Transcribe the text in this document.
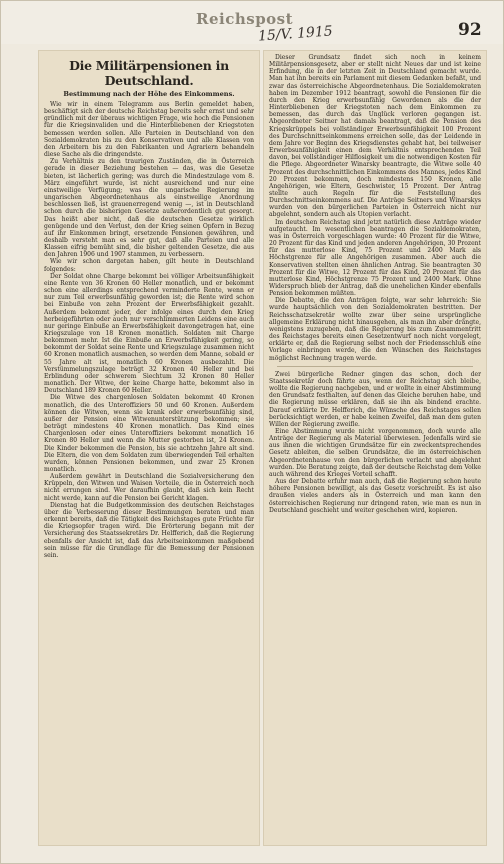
Reichspost
15/V. 1915	92
Die Militärpensionen in Deutschland.
Bestimmung nach der Höhe des Einkommens.

Wie wir in einem Telegramm aus Berlin gemeldet haben, beschäftigt sich der deutsche Reichstag bereits sehr ernst und sehr gründlich mit der überaus wichtigen Frage, wie hoch die Pensionen für die Kriegsinvaliden und die Hinterbliebenen der Kriegstoten bemessen werden sollen. Alle Parteien in Deutschland von den Sozialdemokraten bis zu den Konservativen und alle Klassen von den Arbeitern bis zu den Fabrikanten und Agrariern behandeln diese Sache als die dringendste.

Zu Verhältnis zu den traurigen Zuständen, die in Österreich gerade in dieser Beziehung bestehen — das, was die Gesetze bieten, ist lächerlich gering; was durch die Mindestzulage vom 8. März eingeführt wurde, ist nicht ausreichend und nur eine einstweilige Verfügung; was die ungarische Regierung im ungarischen Abgeordnetenhaus als einstweilige Anordnung beschlossen ließ, ist grauenerregend wenig —, ist in Deutschland schon durch die bisherigen Gesetze außerordentlich gut gesorgt. Das heißt aber nicht, daß die deutschen Gesetze wirklich genügende und den Verlust, den der Krieg seinen Opfern in Bezug auf ihr Einkommen bringt, ersetzende Pensionen gewähren, und deshalb versteht man es sehr gut, daß alle Parteien und alle Klassen eifrig bemüht sind, die bisher geltenden Gesetze, die aus den Jahren 1906 und 1907 stammen, zu verbessern.

Wie wir schon dargetan haben, gilt heute in Deutschland folgendes:

Der Soldat ohne Charge bekommt bei völliger Arbeitsunfähigkeit eine Rente von 36 Kronen 60 Heller monatlich, und er bekommt schon eine allerdings entsprechend verminderte Rente, wenn er nur zum Teil erwerbsunfähig geworden ist; die Rente wird schon bei Einbuße von zehn Prozent der Erwerbsfähigkeit gezahlt. Außerdem bekommt jeder, der infolge eines durch den Krieg herbeigeführten oder auch nur verschlimmerten Leidens eine auch nur geringe Einbuße an Erwerbsfähigkeit davongetragen hat, eine Kriegszulage von 18 Kronen monatlich. Soldaten mit Charge bekommen mehr. Ist die Einbuße an Erwerbsfähigkeit gering, so bekommt der Soldat seine Rente und Kriegszulage zusammen nicht 60 Kronen monatlich ausmachen, so werden dem Manne, sobald er 55 Jahre alt ist, monatlich 60 Kronen ausbezahlt. Die Verstümmelungszulage beträgt 32 Kronen 40 Heller und bei Erblindung oder schwerem Siechtum 32 Kronen 80 Heller monatlich. Der Witwe, der keine Charge hatte, bekommt also in Deutschland 189 Kronen 60 Heller.

Die Witwe des chargenlosen Soldaten bekommt 40 Kronen monatlich, die des Unteroffiziers 50 und 60 Kronen. Außerdem können die Witwen, wenn sie krank oder erwerbsunfähig sind, außer der Pension eine Witwenunterstützung bekommen; sie beträgt mindestens 40 Kronen monatlich. Das Kind eines Chargenlosen oder eines Unteroffiziers bekommt monatlich 16 Kronen 80 Heller und wenn die Mutter gestorben ist, 24 Kronen. Die Kinder bekommen die Pension, bis sie achtzehn Jahre alt sind. Die Eltern, die von dem Soldaten zum überwiegenden Teil erhalten wurden, können Pensionen bekommen, und zwar 25 Kronen monatlich.

Außerdem gewährt in Deutschland die Sozialversicherung den Krüppeln, den Witwen und Waisen Vorteile, die in Österreich noch nicht errungen sind. Wer daraufhin glaubt, daß sich kein Recht nicht werde, kann auf die Pension bei Gericht klagen.

Dienstag hat die Budgetkommission des deutschen Reichstages über die Verbesserung dieser Bestimmungen beraten und man erkennt bereits, daß die Tätigkeit des Reichstages gute Früchte für die Kriegsopfer tragen wird. Die Erörterung begann mit der Versicherung des Staatssekretärs Dr. Helfferich, daß die Regierung ebenfalls der Ansicht ist, daß das Arbeitseinkommen maßgebend sein müsse für die Grundlage für die Bemessung der Pensionen sein.

Dieser Grundsatz findet sich noch in keinem Militärpensionsgesetz, aber er stellt nicht Neues dar und ist keine Erfindung, die in der letzten Zeit in Deutschland gemacht wurde. Man hat ihn bereits ein Parlament mit diesem Gedanken befaßt, und zwar das österreichische Abgeordnetenhaus. Die Sozialdemokraten haben im Dezember 1912 beantragt, sowohl die Pensionen für die durch den Krieg erwerbsunfähig Gewordenen als die der Hinterbliebenen der Kriegstoten nach dem Einkommen zu bemessen, das durch das Unglück verloren gegangen ist. Abgeordneter Seitner hat damals beantragt, daß die Pension des Kriegskrüppels bei vollständiger Erwerbsunfähigkeit 100 Prozent des Durchschnittseinkommens erreichen solle, das der Leidende in dem Jahre vor Beginn des Kriegsdienstes gehabt hat, bei teilweiser Erwerbsunfähigkeit einen dem Verhältnis entsprechenden Teil davon, bei vollständiger Hilflosigkeit um die notwendigen Kosten für die Pflege. Abgeordneter Winarsky beantragte, die Witwe solle 40 Prozent des durchschnittlichen Einkommens des Mannes, jedes Kind 20 Prozent bekommen, doch mindestens 150 Kronen, alle Angehörigen, wie Eltern, Geschwister, 15 Prozent. Der Antrag stellte auch Regeln für die Feststellung des Durchschnittseinkommens auf. Die Anträge Seitners und Winarskys wurden von den bürgerlichen Parteien in Österreich nicht nur abgelehnt, sondern auch als Utopien verlacht.

Im deutschen Reichstag sind jetzt natürlich diese Anträge wieder aufgetaucht. Im wesentlichen beantragen die Sozialdemokraten, was in Österreich vorgeschlagen wurde: 40 Prozent für die Witwe, 20 Prozent für das Kind und jeden anderen Angehörigen, 30 Prozent für das mutterlose Kind, 75 Prozent und 2400 Mark als Höchstgrenze für alle Angehörigen zusammen. Aber auch die Konservativen stellten einen ähnlichen Antrag. Sie beantragten 30 Prozent für die Witwe, 12 Prozent für das Kind, 20 Prozent für das mutterlose Kind, Höchstgrenze 75 Prozent und 2400 Mark. Ohne Widerspruch blieb der Antrag, daß die unehelichen Kinder ebenfalls Pension bekommen müßten.

Die Debatte, die den Anträgen folgte, war sehr lehrreich: Sie wurde hauptsächlich von den Sozialdemokraten bestritten. Der Reichsschatzsekretär wollte zwar über seine ursprüngliche allgemeine Erklärung nicht hinausgehen, als man ihn aber drängte, wenigstens zuzugeben, daß die Regierung bis zum Zusammentritt des Reichstages bereits einen Gesetzentwurf noch nicht vorgelegt, erklärte er, daß die Regierung selbst noch der Friedensschluß eine Vorlage einbringen werde, die den Wünschen des Reichstages möglichst Rechnung tragen werde.

Zwei bürgerliche Redner gingen das schon, doch der Staatssekretär doch fährte aus, wenn der Reichstag sich bleibe, wollte die Regierung nachgeben, und er wollte in einer Abstimmung den Grundsatz festhalten, auf denen das Gleiche beruhen habe, und die Regierung müsse erklären, daß sie ihn als bindend erachte. Darauf erklärte Dr. Helfferich, die Wünsche des Reichstages sollen berücksichtigt werden, er habe keinen Zweifel, daß man dem guten Willen der Regierung zweifle.

Eine Abstimmung wurde nicht vorgenommen, doch wurde alle Anträge der Regierung als Material überwiesen. Jedenfalls wird sie aus ihnen die wichtigen Grundsätze für ein zweckentsprechendes Gesetz ableiten, die selben Grundsätze, die im österreichischen Abgeordnetenhause von den bürgerlichen verlacht und abgelehnt wurden. Die Beratung zeigte, daß der deutsche Reichstag dem Volke auch während des Krieges Vorteil schafft.

Aus der Debatte erfuhr man auch, daß die Regierung schon heute höhere Pensionen bewilligt, als das Gesetz vorschreibt. Es ist also draußen vieles anders als in Österreich und man kann den österreichischen Regierung nur dringend raten, wie man es nun in Deutschland geschieht und weiter geschehen wird, kopieren.
